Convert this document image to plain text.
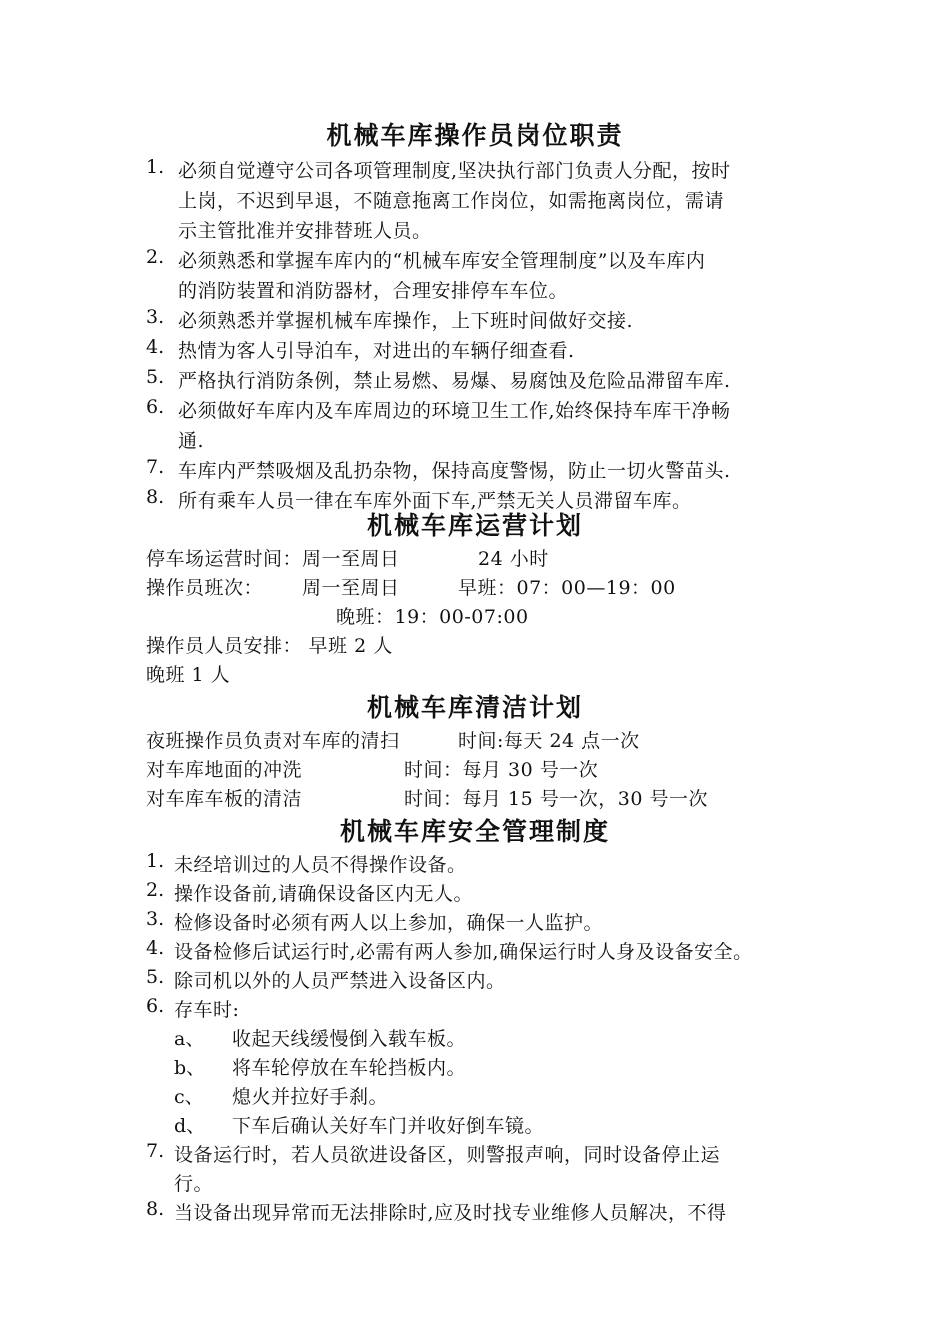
机械车库操作员岗位职责
1. 必须自觉遵守公司各项管理制度,坚决执行部门负责人分配，按时
上岗，不迟到早退，不随意拖离工作岗位，如需拖离岗位，需请
示主管批准并安排替班人员。
2. 必须熟悉和掌握车库内的“机械车库安全管理制度”以及车库内
的消防装置和消防器材，合理安排停车车位。
3. 必须熟悉并掌握机械车库操作，上下班时间做好交接.
4. 热情为客人引导泊车，对进出的车辆仔细查看.
5. 严格执行消防条例，禁止易燃、易爆、易腐蚀及危险品滞留车库.
6. 必须做好车库内及车库周边的环境卫生工作,始终保持车库干净畅
通.
7. 车库内严禁吸烟及乱扔杂物，保持高度警惕，防止一切火警苗头.
8. 所有乘车人员一律在车库外面下车,严禁无关人员滞留车库。
机械车库运营计划
停车场运营时间：周一至周日	24 小时
操作员班次： 周一至周日	早班：07：00—19：00
晚班：19：00-07:00
操作员人员安排： 早班 2 人
晚班 1 人
机械车库清洁计划
夜班操作员负责对车库的清扫	时间:每天 24 点一次
对车库地面的冲洗	时间：每月 30 号一次
对车库车板的清洁	时间：每月 15 号一次，30 号一次
机械车库安全管理制度
1. 未经培训过的人员不得操作设备。
2. 操作设备前,请确保设备区内无人。
3. 检修设备时必须有两人以上参加，确保一人监护。
4. 设备检修后试运行时,必需有两人参加,确保运行时人身及设备安全。
5. 除司机以外的人员严禁进入设备区内。
6. 存车时:
a、 收起天线缓慢倒入载车板。
b、 将车轮停放在车轮挡板内。
c、 熄火并拉好手刹。
d、 下车后确认关好车门并收好倒车镜。
7. 设备运行时，若人员欲进设备区，则警报声响，同时设备停止运
行。
8. 当设备出现异常而无法排除时,应及时找专业维修人员解决，不得
